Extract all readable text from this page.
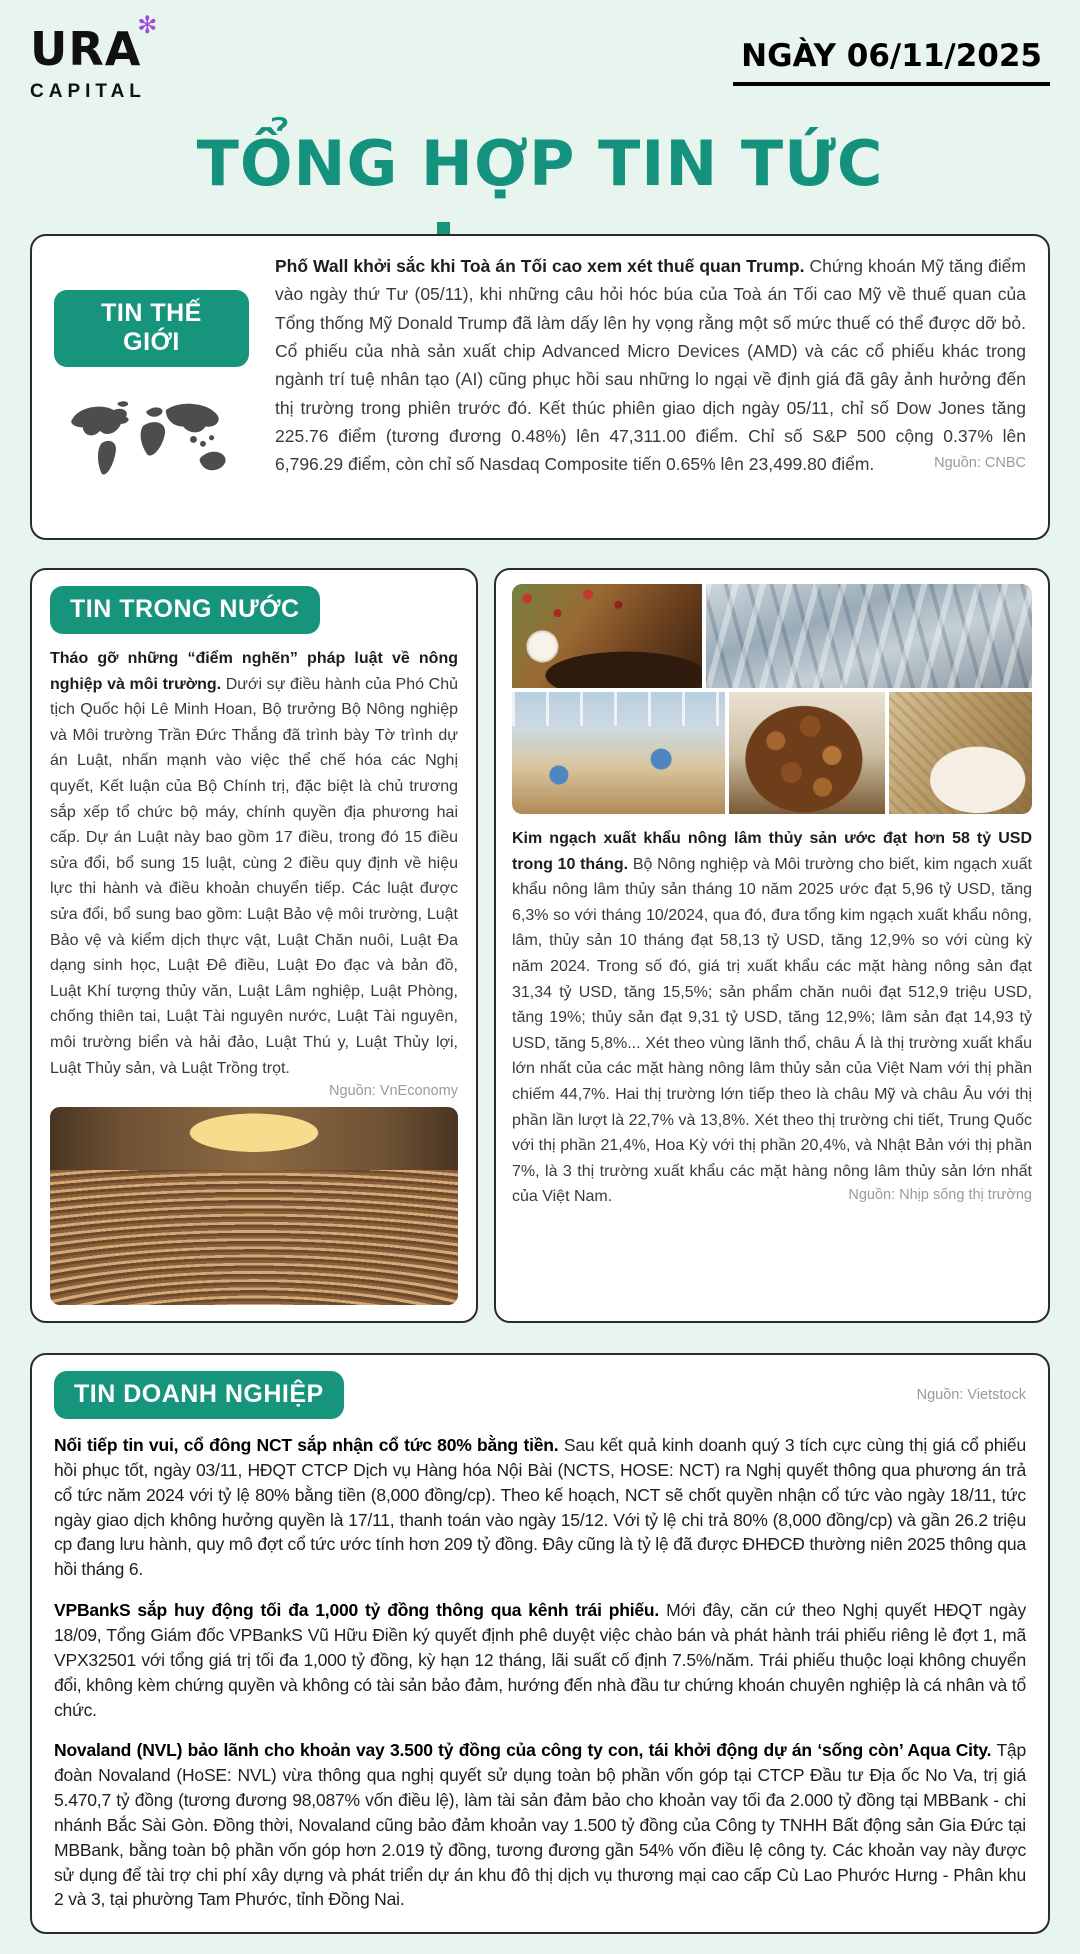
URA
✻
CAPITAL
NGÀY 06/11/2025
TỔNG HỢP TIN TỨC
TIN THẾ GIỚI

Phố Wall khởi sắc khi Toà án Tối cao xem xét thuế quan Trump. Chứng khoán Mỹ tăng điểm vào ngày thứ Tư (05/11), khi những câu hỏi hóc búa của Toà án Tối cao Mỹ về thuế quan của Tổng thống Mỹ Donald Trump đã làm dấy lên hy vọng rằng một số mức thuế có thể được dỡ bỏ. Cổ phiếu của nhà sản xuất chip Advanced Micro Devices (AMD) và các cổ phiếu khác trong ngành trí tuệ nhân tạo (AI) cũng phục hồi sau những lo ngại về định giá đã gây ảnh hưởng đến thị trường trong phiên trước đó. Kết thúc phiên giao dịch ngày 05/11, chỉ số Dow Jones tăng 225.76 điểm (tương đương 0.48%) lên 47,311.00 điểm. Chỉ số S&P 500 cộng 0.37% lên 6,796.29 điểm, còn chỉ số Nasdaq Composite tiến 0.65% lên 23,499.80 điểm.	Nguồn: CNBC
TIN TRONG NƯỚC

Tháo gỡ những “điểm nghẽn” pháp luật về nông nghiệp và môi trường. Dưới sự điều hành của Phó Chủ tịch Quốc hội Lê Minh Hoan, Bộ trưởng Bộ Nông nghiệp và Môi trường Trần Đức Thắng đã trình bày Tờ trình dự án Luật, nhấn mạnh vào việc thể chế hóa các Nghị quyết, Kết luận của Bộ Chính trị, đặc biệt là chủ trương sắp xếp tổ chức bộ máy, chính quyền địa phương hai cấp. Dự án Luật này bao gồm 17 điều, trong đó 15 điều sửa đổi, bổ sung 15 luật, cùng 2 điều quy định về hiệu lực thi hành và điều khoản chuyển tiếp. Các luật được sửa đổi, bổ sung bao gồm: Luật Bảo vệ môi trường, Luật Bảo vệ và kiểm dịch thực vật, Luật Chăn nuôi, Luật Đa dạng sinh học, Luật Đê điều, Luật Đo đạc và bản đồ, Luật Khí tượng thủy văn, Luật Lâm nghiệp, Luật Phòng, chống thiên tai, Luật Tài nguyên nước, Luật Tài nguyên, môi trường biển và hải đảo, Luật Thú y, Luật Thủy lợi, Luật Thủy sản, và Luật Trồng trọt.

Nguồn: VnEconomy

Kim ngạch xuất khẩu nông lâm thủy sản ước đạt hơn 58 tỷ USD trong 10 tháng. Bộ Nông nghiệp và Môi trường cho biết, kim ngạch xuất khẩu nông lâm thủy sản tháng 10 năm 2025 ước đạt 5,96 tỷ USD, tăng 6,3% so với tháng 10/2024, qua đó, đưa tổng kim ngạch xuất khẩu nông, lâm, thủy sản 10 tháng đạt 58,13 tỷ USD, tăng 12,9% so với cùng kỳ năm 2024. Trong số đó, giá trị xuất khẩu các mặt hàng nông sản đạt 31,34 tỷ USD, tăng 15,5%; sản phẩm chăn nuôi đạt 512,9 triệu USD, tăng 19%; thủy sản đạt 9,31 tỷ USD, tăng 12,9%; lâm sản đạt 14,93 tỷ USD, tăng 5,8%... Xét theo vùng lãnh thổ, châu Á là thị trường xuất khẩu lớn nhất của các mặt hàng nông lâm thủy sản của Việt Nam với thị phần chiếm 44,7%. Hai thị trường lớn tiếp theo là châu Mỹ và châu Âu với thị phần lần lượt là 22,7% và 13,8%. Xét theo thị trường chi tiết, Trung Quốc với thị phần 21,4%, Hoa Kỳ với thị phần 20,4%, và Nhật Bản với thị phần 7%, là 3 thị trường xuất khẩu các mặt hàng nông lâm thủy sản lớn nhất của Việt Nam.	Nguồn: Nhịp sống thị trường
TIN DOANH NGHIỆP	Nguồn: Vietstock

Nối tiếp tin vui, cổ đông NCT sắp nhận cổ tức 80% bằng tiền. Sau kết quả kinh doanh quý 3 tích cực cùng thị giá cổ phiếu hồi phục tốt, ngày 03/11, HĐQT CTCP Dịch vụ Hàng hóa Nội Bài (NCTS, HOSE: NCT) ra Nghị quyết thông qua phương án trả cổ tức năm 2024 với tỷ lệ 80% bằng tiền (8,000 đồng/cp). Theo kế hoạch, NCT sẽ chốt quyền nhận cổ tức vào ngày 18/11, tức ngày giao dịch không hưởng quyền là 17/11, thanh toán vào ngày 15/12. Với tỷ lệ chi trả 80% (8,000 đồng/cp) và gần 26.2 triệu cp đang lưu hành, quy mô đợt cổ tức ước tính hơn 209 tỷ đồng. Đây cũng là tỷ lệ đã được ĐHĐCĐ thường niên 2025 thông qua hồi tháng 6.

VPBankS sắp huy động tối đa 1,000 tỷ đồng thông qua kênh trái phiếu. Mới đây, căn cứ theo Nghị quyết HĐQT ngày 18/09, Tổng Giám đốc VPBankS Vũ Hữu Điền ký quyết định phê duyệt việc chào bán và phát hành trái phiếu riêng lẻ đợt 1, mã VPX32501 với tổng giá trị tối đa 1,000 tỷ đồng, kỳ hạn 12 tháng, lãi suất cố định 7.5%/năm. Trái phiếu thuộc loại không chuyển đổi, không kèm chứng quyền và không có tài sản bảo đảm, hướng đến nhà đầu tư chứng khoán chuyên nghiệp là cá nhân và tổ chức.

Novaland (NVL) bảo lãnh cho khoản vay 3.500 tỷ đồng của công ty con, tái khởi động dự án ‘sống còn’ Aqua City. Tập đoàn Novaland (HoSE: NVL) vừa thông qua nghị quyết sử dụng toàn bộ phần vốn góp tại CTCP Đầu tư Địa ốc No Va, trị giá 5.470,7 tỷ đồng (tương đương 98,087% vốn điều lệ), làm tài sản đảm bảo cho khoản vay tối đa 2.000 tỷ đồng tại MBBank - chi nhánh Bắc Sài Gòn. Đồng thời, Novaland cũng bảo đảm khoản vay 1.500 tỷ đồng của Công ty TNHH Bất động sản Gia Đức tại MBBank, bằng toàn bộ phần vốn góp hơn 2.019 tỷ đồng, tương đương gần 54% vốn điều lệ công ty. Các khoản vay này được sử dụng để tài trợ chi phí xây dựng và phát triển dự án khu đô thị dịch vụ thương mại cao cấp Cù Lao Phước Hưng - Phân khu 2 và 3, tại phường Tam Phước, tỉnh Đồng Nai.
